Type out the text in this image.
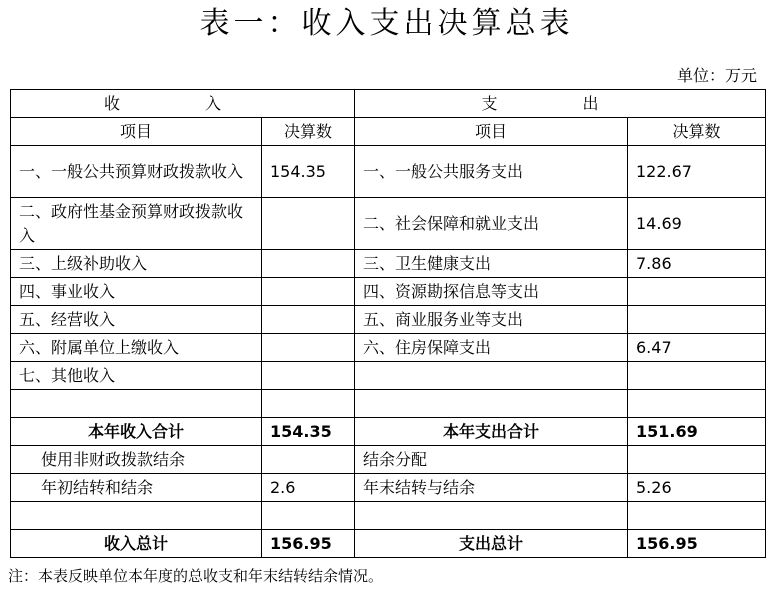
表一：收入支出决算总表
单位：万元
收 入		支 出	
项目	决算数	项目	决算数
一、一般公共预算财政拨款收入	154.35	一、一般公共服务支出	122.67
二、政府性基金预算财政拨款收入		二、社会保障和就业支出	14.69
三、上级补助收入		三、卫生健康支出	7.86
四、事业收入		四、资源勘探信息等支出	
五、经营收入		五、商业服务业等支出	
六、附属单位上缴收入		六、住房保障支出	6.47
七、其他收入			

本年收入合计	154.35	本年支出合计	151.69
使用非财政拨款结余		结余分配	
年初结转和结余	2.6	年末结转与结余	5.26

收入总计	156.95	支出总计	156.95
注：本表反映单位本年度的总收支和年末结转结余情况。
